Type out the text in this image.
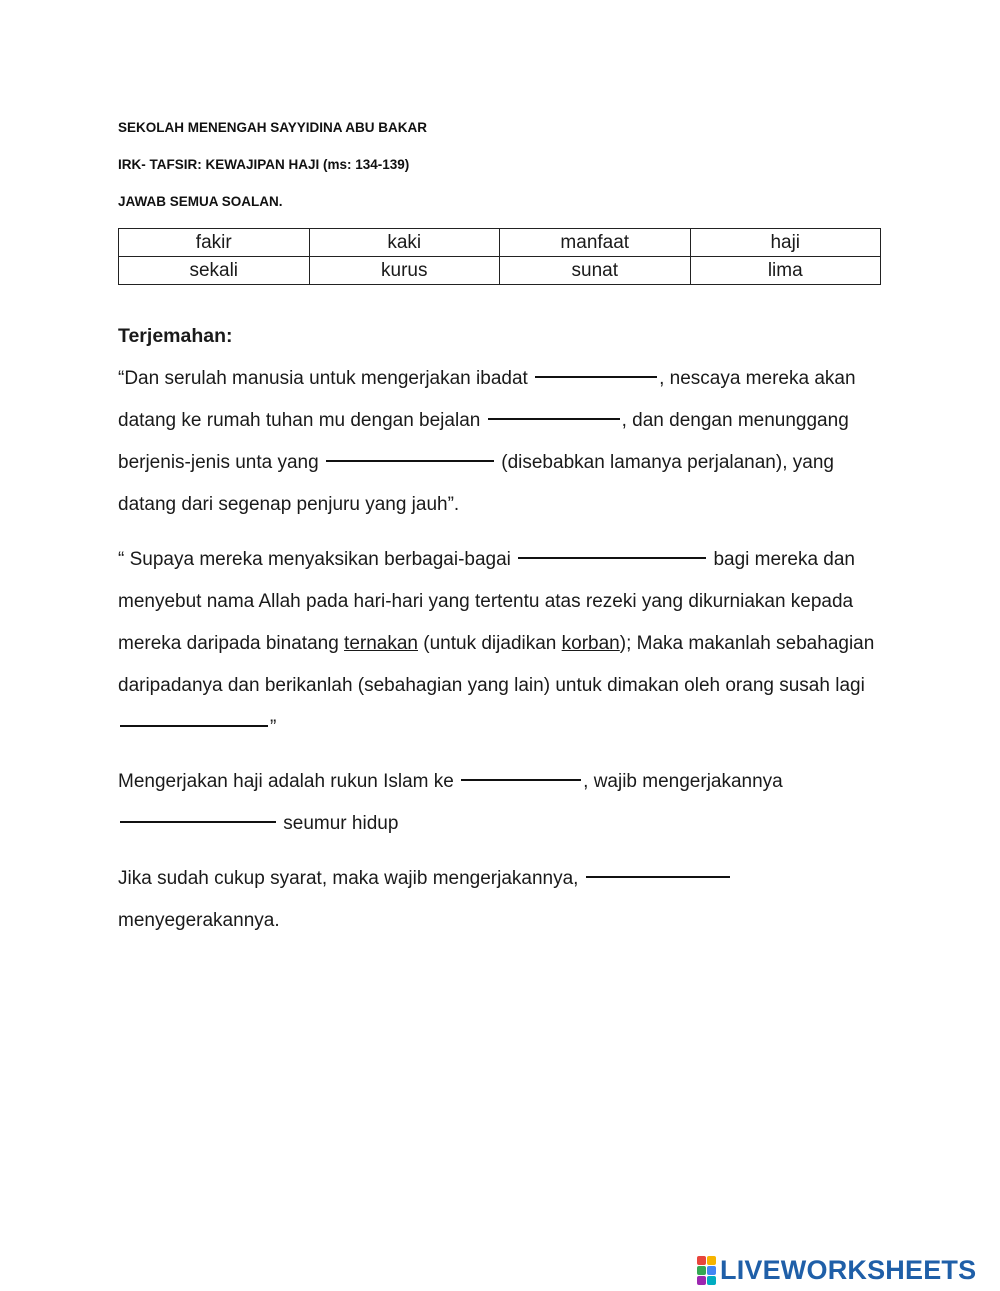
SEKOLAH MENENGAH SAYYIDINA ABU BAKAR
IRK- TAFSIR: KEWAJIPAN HAJI (ms: 134-139)
JAWAB SEMUA SOALAN.
fakir	kaki	manfaat	haji
sekali	kurus	sunat	lima
Terjemahan:
“Dan serulah manusia untuk mengerjakan ibadat	, nescaya mereka akan datang ke rumah tuhan mu dengan bejalan	, dan dengan menunggang berjenis-jenis unta yang	(disebabkan lamanya perjalanan), yang datang dari segenap penjuru yang jauh”.
“ Supaya mereka menyaksikan berbagai-bagai	bagi mereka dan menyebut nama Allah pada hari-hari yang tertentu atas rezeki yang dikurniakan kepada mereka daripada binatang ternakan (untuk dijadikan korban); Maka makanlah sebahagian daripadanya dan berikanlah (sebahagian yang lain) untuk dimakan oleh orang susah lagi ”
Mengerjakan haji adalah rukun Islam ke	, wajib mengerjakannya  seumur hidup
Jika sudah cukup syarat, maka wajib mengerjakannya,  menyegerakannya.
LIVEWORKSHEETS
